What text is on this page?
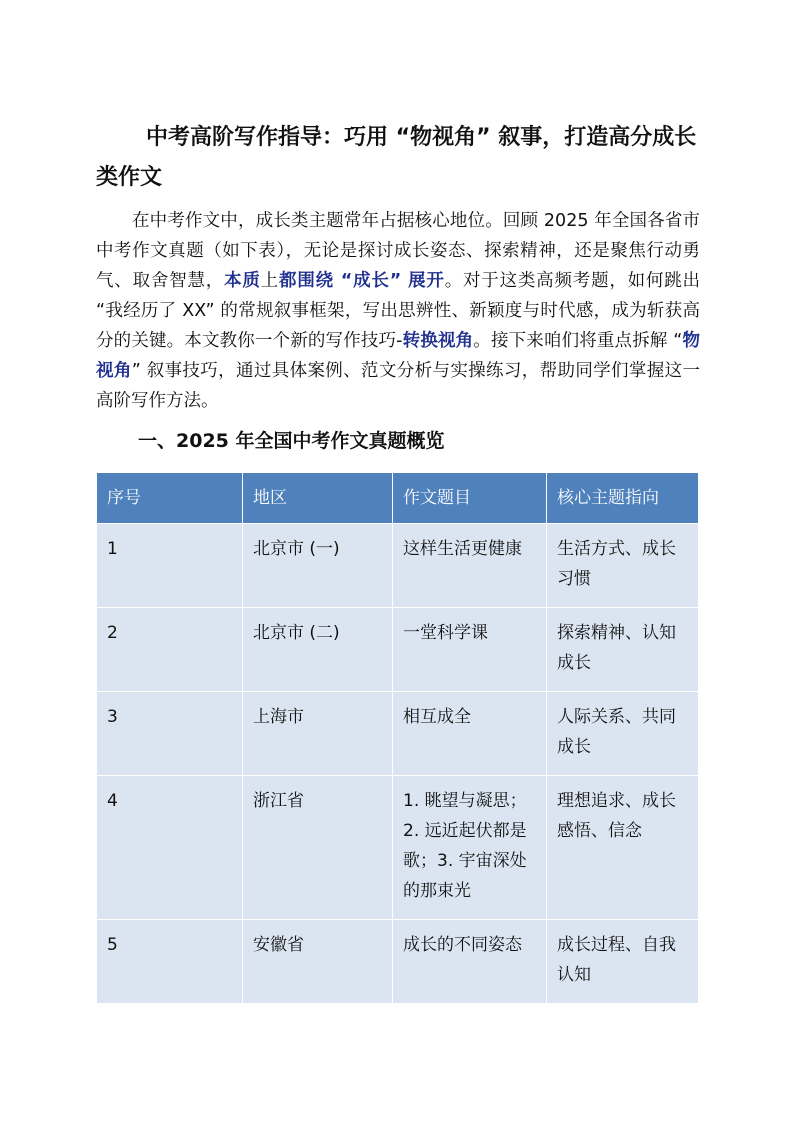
中考高阶写作指导：巧用 “物视角” 叙事，打造高分成长类作文

在中考作文中，成长类主题常年占据核心地位。回顾 2025 年全国各省市中考作文真题（如下表），无论是探讨成长姿态、探索精神，还是聚焦行动勇气、取舍智慧，本质上都围绕 “成长” 展开。对于这类高频考题，如何跳出 “我经历了 XX” 的常规叙事框架，写出思辨性、新颖度与时代感，成为斩获高分的关键。本文教你一个新的写作技巧-转换视角。接下来咱们将重点拆解 “物视角” 叙事技巧，通过具体案例、范文分析与实操练习，帮助同学们掌握这一高阶写作方法。

一、2025 年全国中考作文真题概览
序号	地区	作文题目	核心主题指向
1	北京市 (一)	这样生活更健康	生活方式、成长习惯
2	北京市 (二)	一堂科学课	探索精神、认知成长
3	上海市	相互成全	人际关系、共同成长
4	浙江省	1. 眺望与凝思；2. 远近起伏都是歌；3. 宇宙深处的那束光	理想追求、成长感悟、信念
5	安徽省	成长的不同姿态	成长过程、自我认知
